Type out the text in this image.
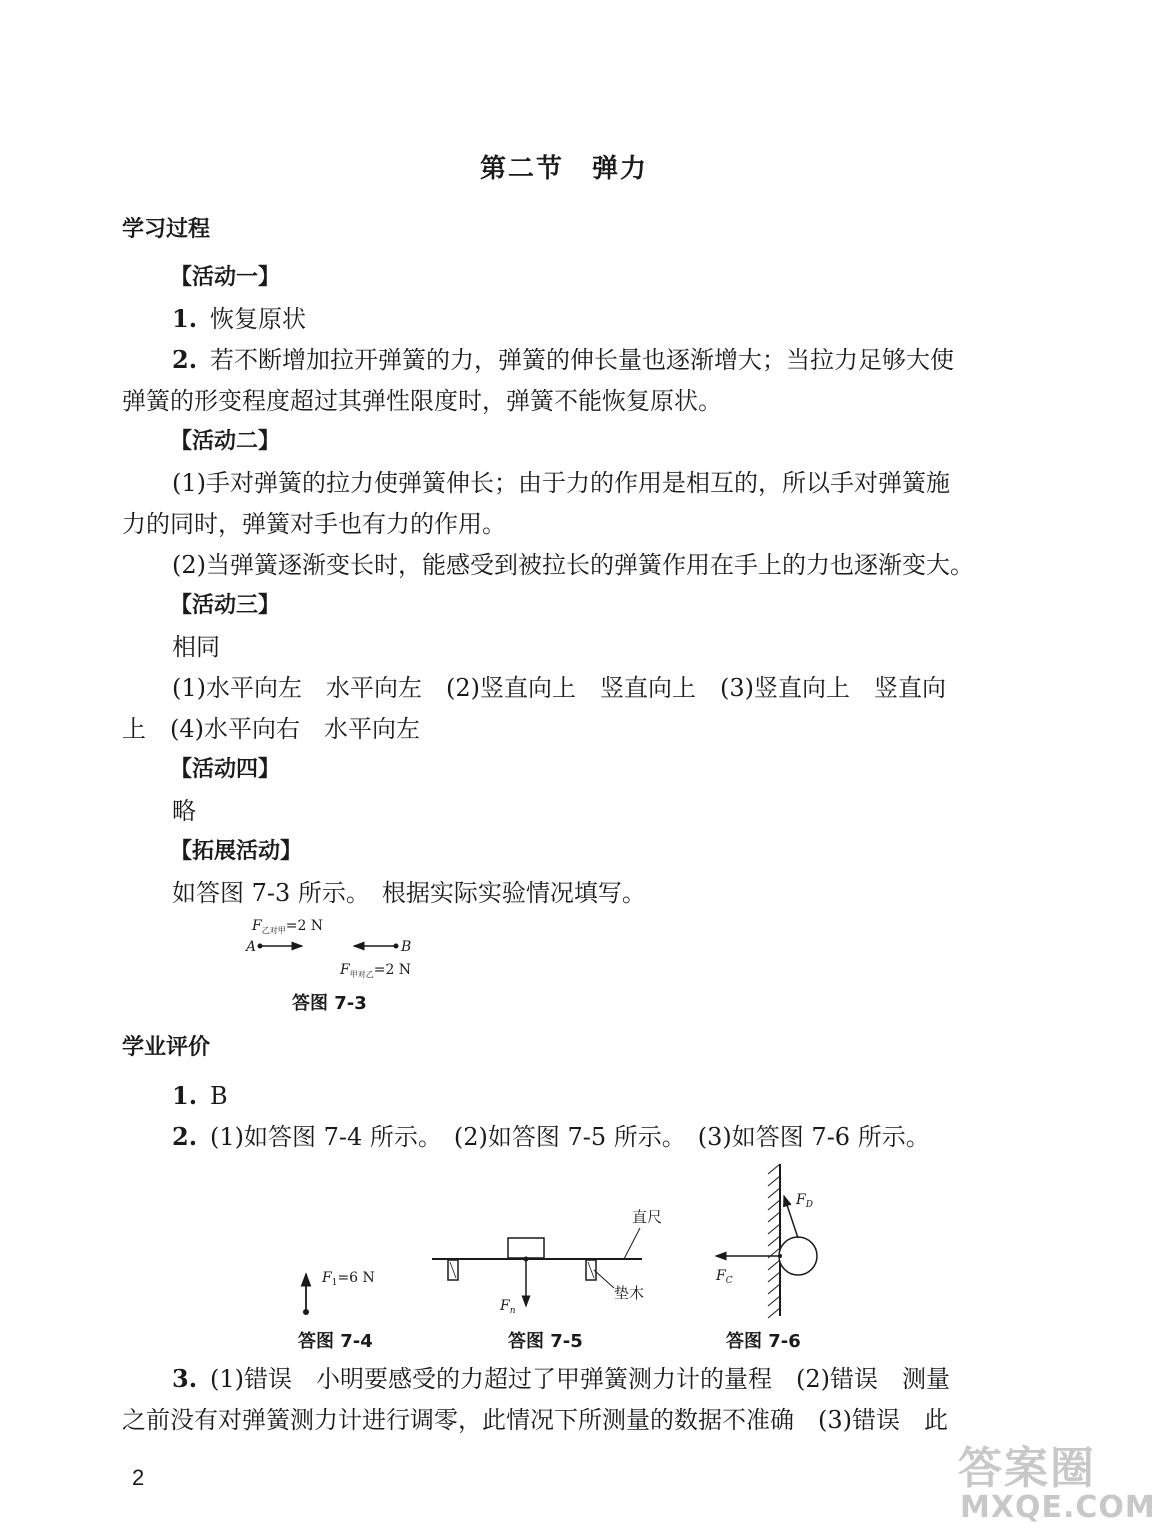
第二节　弹力
学习过程
【活动一】
1. 恢复原状
2. 若不断增加拉开弹簧的力，弹簧的伸长量也逐渐增大；当拉力足够大使
弹簧的形变程度超过其弹性限度时，弹簧不能恢复原状。
【活动二】
(1)手对弹簧的拉力使弹簧伸长；由于力的作用是相互的，所以手对弹簧施
力的同时，弹簧对手也有力的作用。
(2)当弹簧逐渐变长时，能感受到被拉长的弹簧作用在手上的力也逐渐变大。
【活动三】
相同
(1)水平向左　水平向左　(2)竖直向上　竖直向上　(3)竖直向上　竖直向
上　(4)水平向右　水平向左
【活动四】
略
【拓展活动】
如答图 7-3 所示。　根据实际实验情况填写。
$F_{乙对甲}=2$ N
A	B
$F_{甲对乙}=2$ N
答图 7-3
学业评价
1. B
2. (1)如答图 7-4 所示。　(2)如答图 7-5 所示。　(3)如答图 7-6 所示。
$F_1=6$ N
答图 7-4
$F_n$
直尺
垫木
答图 7-5
$F_C$
$F_D$
答图 7-6
3. (1)错误　小明要感受的力超过了甲弹簧测力计的量程　(2)错误　测量
之前没有对弹簧测力计进行调零，此情况下所测量的数据不准确　(3)错误　此
2	答案圈
MXQE.COM
